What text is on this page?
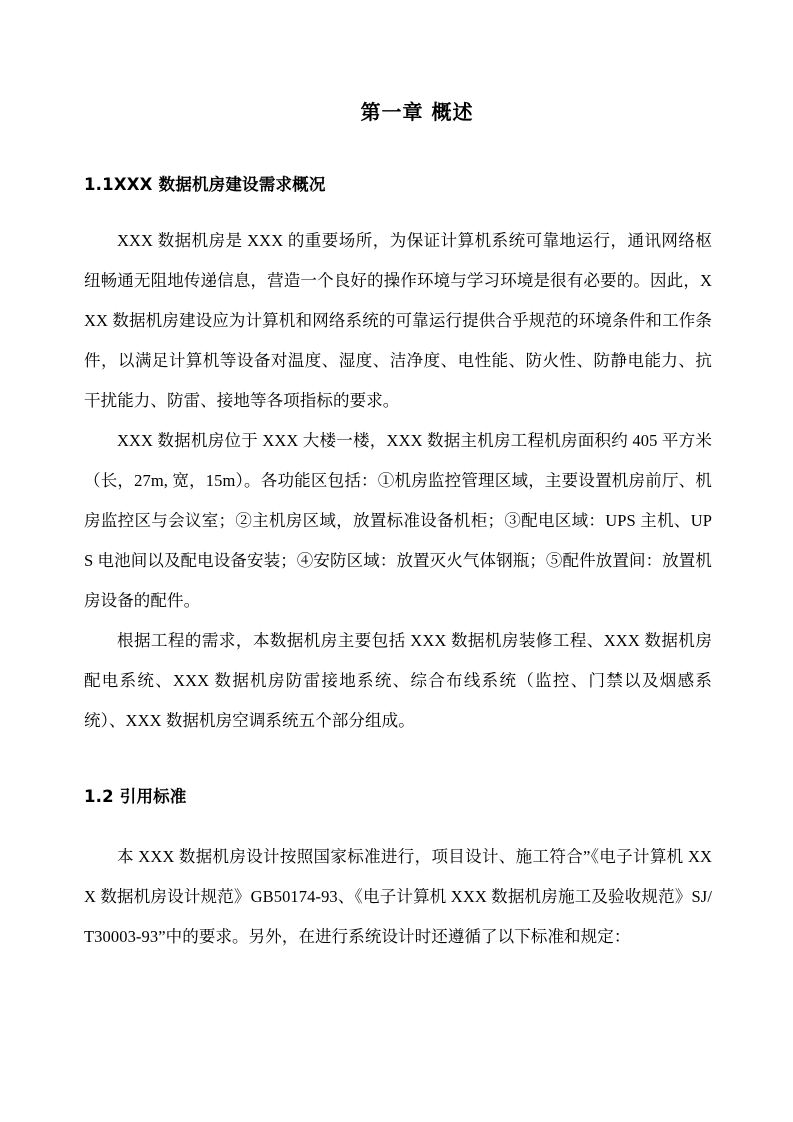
第一章 概述
1.1XXX 数据机房建设需求概况

XXX 数据机房是 XXX 的重要场所，为保证计算机系统可靠地运行，通讯网络枢纽畅通无阻地传递信息，营造一个良好的操作环境与学习环境是很有必要的。因此，XXX 数据机房建设应为计算机和网络系统的可靠运行提供合乎规范的环境条件和工作条件，以满足计算机等设备对温度、湿度、洁净度、电性能、防火性、防静电能力、抗干扰能力、防雷、接地等各项指标的要求。

XXX 数据机房位于 XXX 大楼一楼，XXX 数据主机房工程机房面积约 405 平方米（长，27m, 宽，15m）。各功能区包括：①机房监控管理区域，主要设置机房前厅、机房监控区与会议室；②主机房区域，放置标准设备机柜；③配电区域：UPS 主机、UPS 电池间以及配电设备安装；④安防区域：放置灭火气体钢瓶；⑤配件放置间：放置机房设备的配件。

根据工程的需求，本数据机房主要包括 XXX 数据机房装修工程、XXX 数据机房配电系统、XXX 数据机房防雷接地系统、综合布线系统（监控、门禁以及烟感系统）、XXX 数据机房空调系统五个部分组成。

1.2 引用标准

本 XXX 数据机房设计按照国家标准进行，项目设计、施工符合”《电子计算机 XXX 数据机房设计规范》GB50174-93、《电子计算机 XXX 数据机房施工及验收规范》SJ/T30003-93”中的要求。另外，在进行系统设计时还遵循了以下标准和规定：
